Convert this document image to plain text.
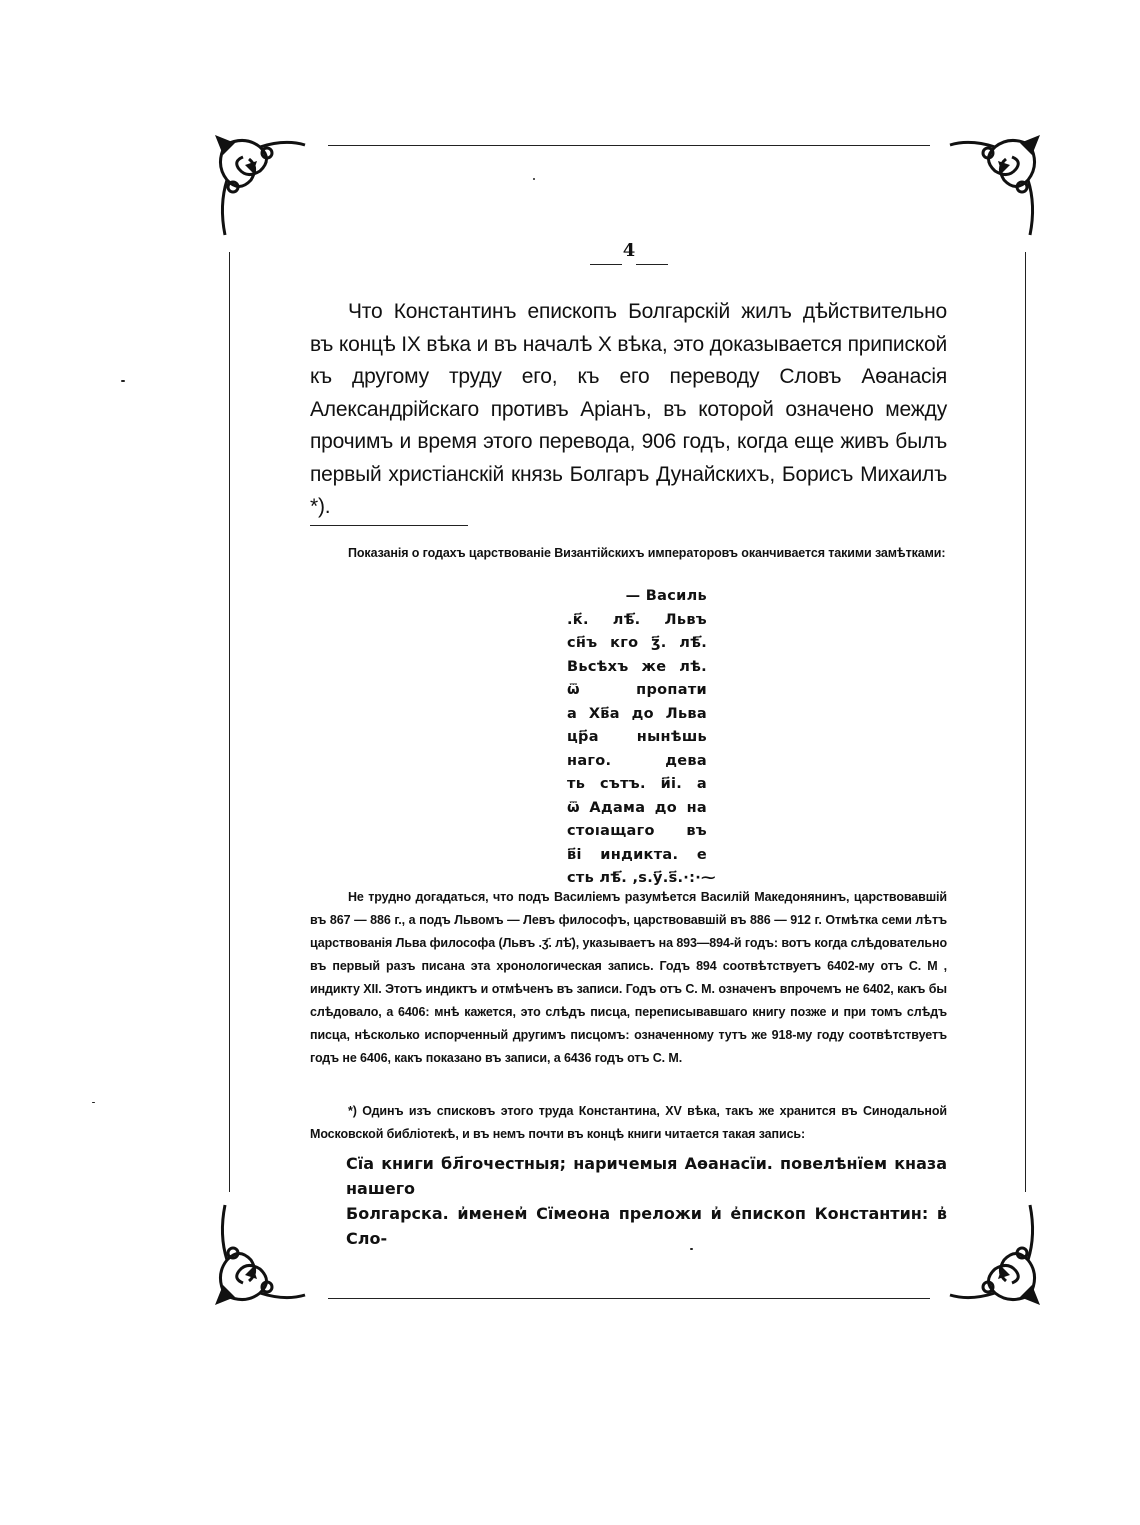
4
Что Константинъ епископъ Болгарскій жилъ дѣйствительно въ концѣ IX вѣка и въ началѣ X вѣка, это доказывается припиской къ другому труду его, къ его переводу Словъ Аѳанасія Александрійскаго противъ Аріанъ, въ которой означено между прочимъ и время этого перевода, 906 годъ, когда еще живъ былъ первый христіанскій князь Болгаръ Дунайскихъ, Борисъ Михаилъ *).
Показанія о годахъ царствованіе Византійскихъ императоровъ оканчивается такими замѣтками:
— Василь
.к҃. лѣ҃. Львъ
сн҃ъ кго ӡ҃. лѣ҃.
Вьсѣхъ же лѣ.
ѿ пропати
а Хв҃а до Льва
цр҃а нынѣшь
наго. дева
ть сътъ. и҃і. а
ѿ Адама до на
стоıащаго въ
в҃і индикта. е
сть лѣ҃. ,ѕ.у҃.ѕ҃.·:·⁓
Не трудно догадаться, что подъ Василіемъ разумѣется Василій Македонянинъ, царствовавшій въ 867 — 886 г., а подъ Львомъ — Левъ философъ, царствовавшій въ 886 — 912 г. Отмѣтка семи лѣтъ царствованія Льва философа (Львъ .ӡ҃. лѣ҃), указываетъ на 893—894-й годъ: вотъ когда слѣдовательно въ первый разъ писана эта хронологическая запись. Годъ 894 соотвѣтствуетъ 6402-му отъ С. М , индикту XII. Этотъ индиктъ и отмѣченъ въ записи. Годъ отъ С. М. означенъ впрочемъ не 6402, какъ бы слѣдовало, а 6406: мнѣ кажется, это слѣдъ писца, переписывавшаго книгу позже и при томъ слѣдъ писца, нѣсколько испорченный другимъ писцомъ: означенному тутъ же 918-му году соотвѣтствуетъ годъ не 6406, какъ показано въ записи, а 6436 годъ отъ С. М.
*) Одинъ изъ списковъ этого труда Константина, XV вѣка, такъ же хранится въ Синодальной Московской библіотекѣ, и въ немъ почти въ концѣ книги читается такая запись:
Сїа книги бл҃гочестныя; наричемыя Аѳанасїи. повелѣнїем кназа нашего
Болгарска. и҆менем҆ Сїмеона преложи и҆ е҆пископ Константин: в҆ Сло-
